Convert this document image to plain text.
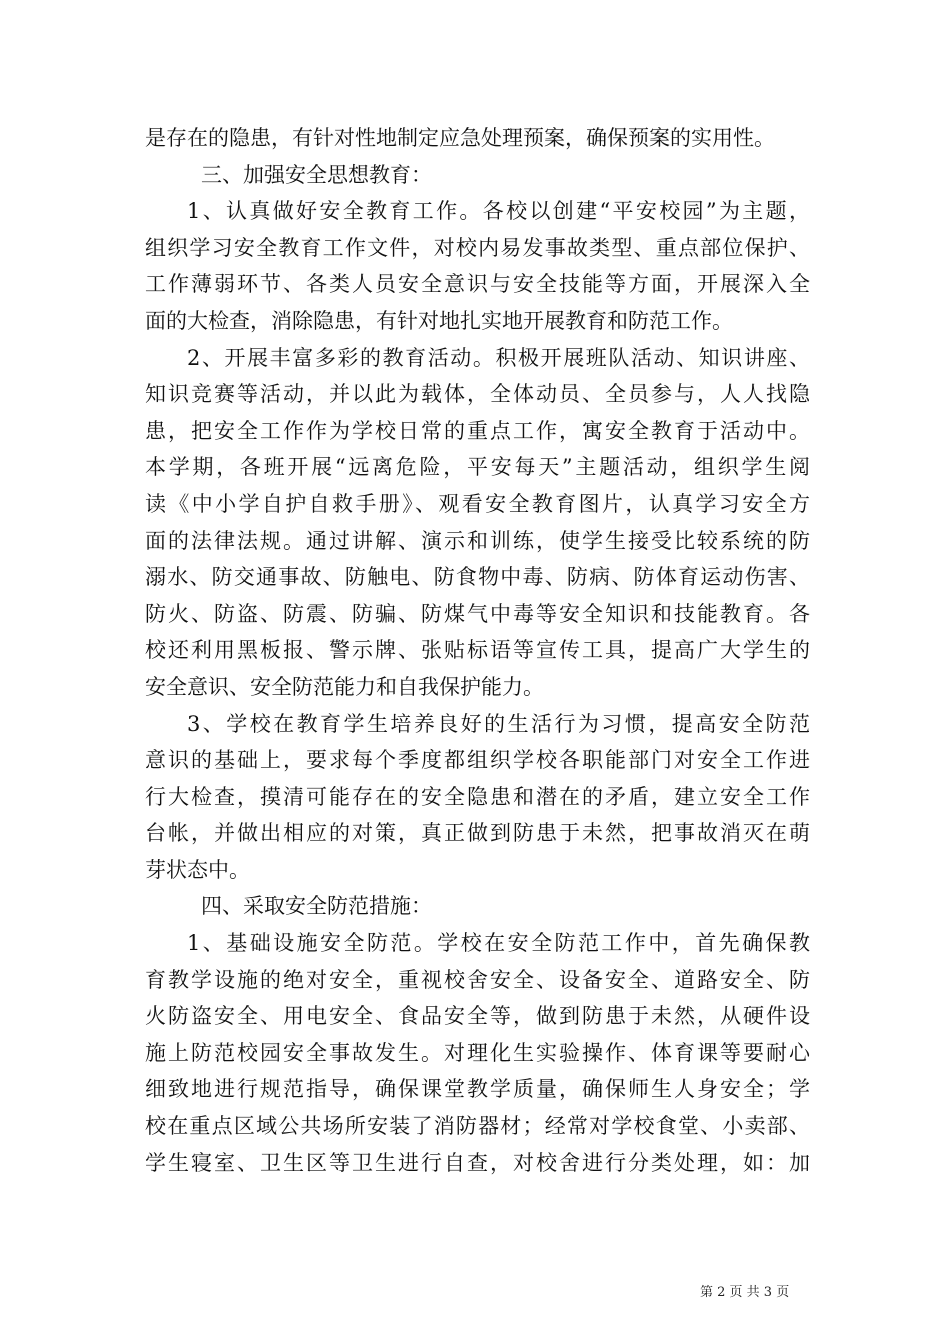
是存在的隐患，有针对性地制定应急处理预案，确保预案的实用性。
三、加强安全思想教育：
1、认真做好安全教育工作。各校以创建“平安校园”为主题，
组织学习安全教育工作文件，对校内易发事故类型、重点部位保护、
工作薄弱环节、各类人员安全意识与安全技能等方面，开展深入全
面的大检查，消除隐患，有针对地扎实地开展教育和防范工作。
2、开展丰富多彩的教育活动。积极开展班队活动、知识讲座、
知识竞赛等活动，并以此为载体，全体动员、全员参与，人人找隐
患，把安全工作作为学校日常的重点工作，寓安全教育于活动中。
本学期，各班开展“远离危险，平安每天”主题活动，组织学生阅
读《中小学自护自救手册》、观看安全教育图片，认真学习安全方
面的法律法规。通过讲解、演示和训练，使学生接受比较系统的防
溺水、防交通事故、防触电、防食物中毒、防病、防体育运动伤害、
防火、防盗、防震、防骗、防煤气中毒等安全知识和技能教育。各
校还利用黑板报、警示牌、张贴标语等宣传工具，提高广大学生的
安全意识、安全防范能力和自我保护能力。
3、学校在教育学生培养良好的生活行为习惯，提高安全防范
意识的基础上，要求每个季度都组织学校各职能部门对安全工作进
行大检查，摸清可能存在的安全隐患和潜在的矛盾，建立安全工作
台帐，并做出相应的对策，真正做到防患于未然，把事故消灭在萌
芽状态中。
四、采取安全防范措施：
1、基础设施安全防范。学校在安全防范工作中，首先确保教
育教学设施的绝对安全，重视校舍安全、设备安全、道路安全、防
火防盗安全、用电安全、食品安全等，做到防患于未然，从硬件设
施上防范校园安全事故发生。对理化生实验操作、体育课等要耐心
细致地进行规范指导，确保课堂教学质量，确保师生人身安全；学
校在重点区域公共场所安装了消防器材；经常对学校食堂、小卖部、
学生寝室、卫生区等卫生进行自查，对校舍进行分类处理，如：加
第 2 页 共 3 页
